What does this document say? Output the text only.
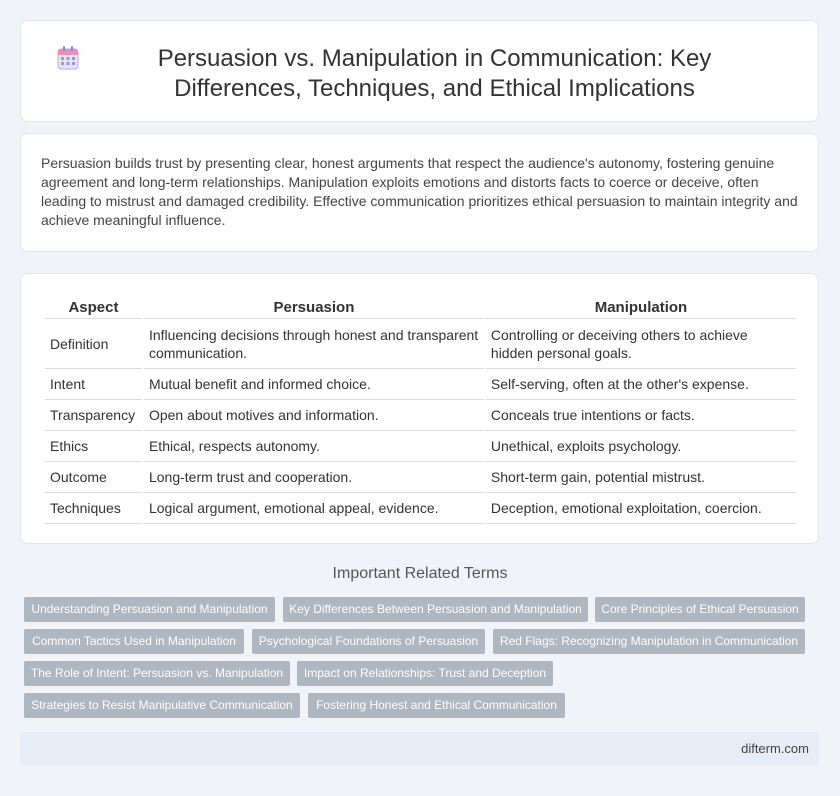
Persuasion vs. Manipulation in Communication: Key Differences, Techniques, and Ethical Implications

Persuasion builds trust by presenting clear, honest arguments that respect the audience's autonomy, fostering genuine agreement and long-term relationships. Manipulation exploits emotions and distorts facts to coerce or deceive, often leading to mistrust and damaged credibility. Effective communication prioritizes ethical persuasion to maintain integrity and achieve meaningful influence.

Aspect	Persuasion	Manipulation
Definition	Influencing decisions through honest and transparent communication.	Controlling or deceiving others to achieve hidden personal goals.
Intent	Mutual benefit and informed choice.	Self-serving, often at the other's expense.
Transparency	Open about motives and information.	Conceals true intentions or facts.
Ethics	Ethical, respects autonomy.	Unethical, exploits psychology.
Outcome	Long-term trust and cooperation.	Short-term gain, potential mistrust.
Techniques	Logical argument, emotional appeal, evidence.	Deception, emotional exploitation, coercion.
Important Related Terms
Understanding Persuasion and Manipulation	Key Differences Between Persuasion and Manipulation	Core Principles of Ethical Persuasion
Common Tactics Used in Manipulation	Psychological Foundations of Persuasion	Red Flags: Recognizing Manipulation in Communication
The Role of Intent: Persuasion vs. Manipulation	Impact on Relationships: Trust and Deception
Strategies to Resist Manipulative Communication	Fostering Honest and Ethical Communication
difterm.com
